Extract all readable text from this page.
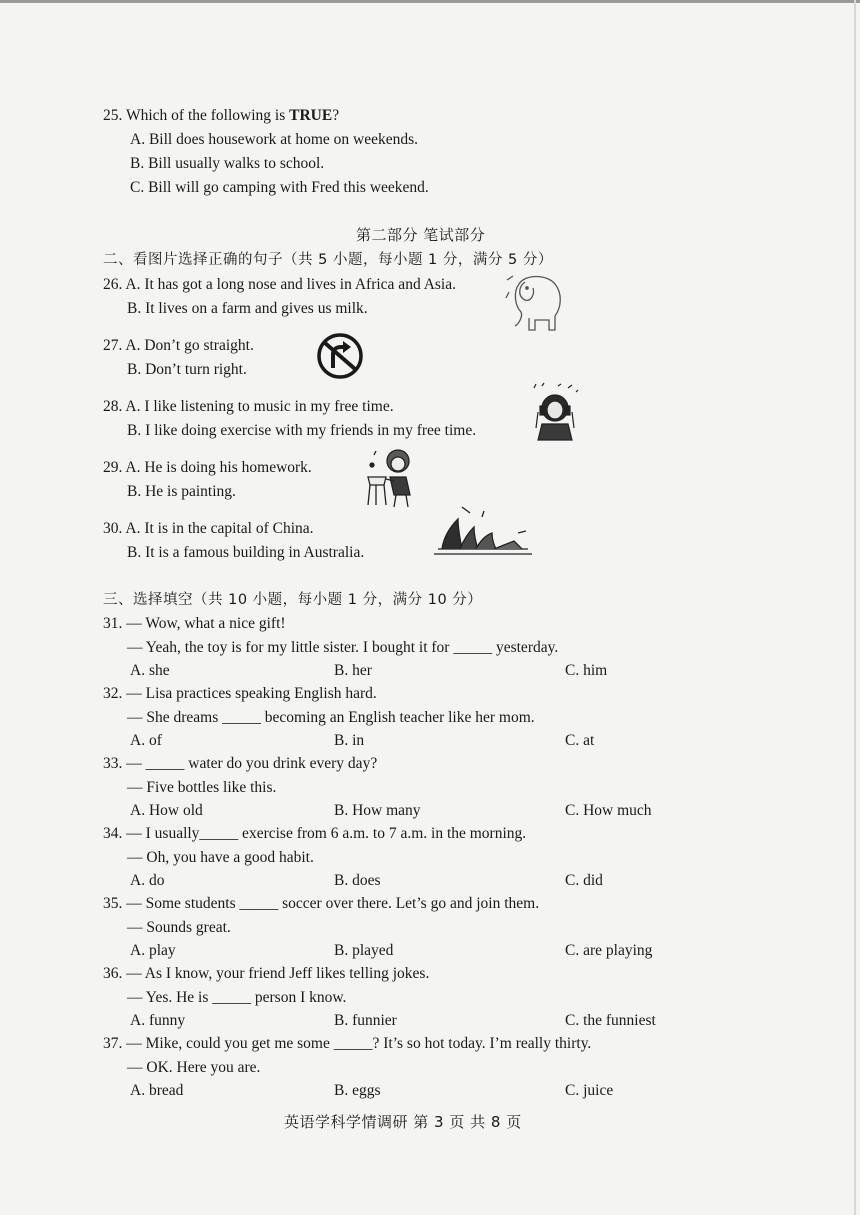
25. Which of the following is TRUE?
A. Bill does housework at home on weekends.
B. Bill usually walks to school.
C. Bill will go camping with Fred this weekend.
第二部分 笔试部分
二、看图片选择正确的句子（共 5 小题，每小题 1 分，满分 5 分）
26. A. It has got a long nose and lives in Africa and Asia.
B. It lives on a farm and gives us milk.
27. A. Don’t go straight.
B. Don’t turn right.
28. A. I like listening to music in my free time.
B. I like doing exercise with my friends in my free time.
29. A. He is doing his homework.
B. He is painting.
30. A. It is in the capital of China.
B. It is a famous building in Australia.
三、选择填空（共 10 小题，每小题 1 分，满分 10 分）
31. — Wow, what a nice gift!
— Yeah, the toy is for my little sister. I bought it for _____ yesterday.
A. she	B. her	C. him
32. — Lisa practices speaking English hard.
— She dreams _____ becoming an English teacher like her mom.
A. of	B. in	C. at
33. — _____ water do you drink every day?
— Five bottles like this.
A. How old	B. How many	C. How much
34. — I usually_____ exercise from 6 a.m. to 7 a.m. in the morning.
— Oh, you have a good habit.
A. do	B. does	C. did
35. — Some students _____ soccer over there. Let’s go and join them.
— Sounds great.
A. play	B. played	C. are playing
36. — As I know, your friend Jeff likes telling jokes.
— Yes. He is _____ person I know.
A. funny	B. funnier	C. the funniest
37. — Mike, could you get me some _____? It’s so hot today. I’m really thirty.
— OK. Here you are.
A. bread	B. eggs	C. juice
英语学科学情调研 第 3 页 共 8 页
